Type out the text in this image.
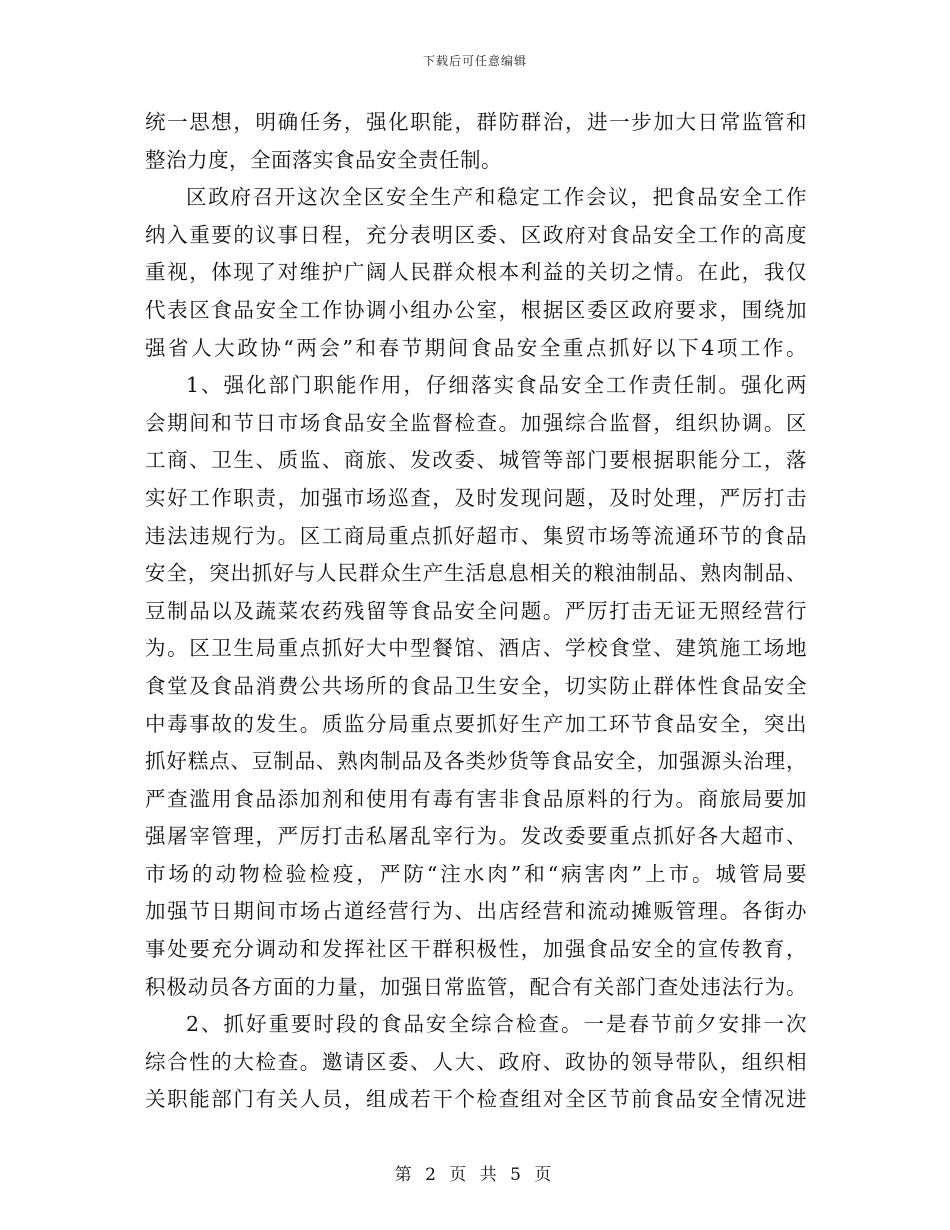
下载后可任意编辑

统一思想，明确任务，强化职能，群防群治，进一步加大日常监管和

整治力度，全面落实食品安全责任制。

区政府召开这次全区安全生产和稳定工作会议，把食品安全工作

纳入重要的议事日程，充分表明区委、区政府对食品安全工作的高度

重视，体现了对维护广阔人民群众根本利益的关切之情。在此，我仅

代表区食品安全工作协调小组办公室，根据区委区政府要求，围绕加

强省人大政协“两会”和春节期间食品安全重点抓好以下4项工作。

1、强化部门职能作用，仔细落实食品安全工作责任制。强化两

会期间和节日市场食品安全监督检查。加强综合监督，组织协调。区

工商、卫生、质监、商旅、发改委、城管等部门要根据职能分工，落

实好工作职责，加强市场巡查，及时发现问题，及时处理，严厉打击

违法违规行为。区工商局重点抓好超市、集贸市场等流通环节的食品

安全，突出抓好与人民群众生产生活息息相关的粮油制品、熟肉制品、

豆制品以及蔬菜农药残留等食品安全问题。严厉打击无证无照经营行

为。区卫生局重点抓好大中型餐馆、酒店、学校食堂、建筑施工场地

食堂及食品消费公共场所的食品卫生安全，切实防止群体性食品安全

中毒事故的发生。质监分局重点要抓好生产加工环节食品安全，突出

抓好糕点、豆制品、熟肉制品及各类炒货等食品安全，加强源头治理，

严查滥用食品添加剂和使用有毒有害非食品原料的行为。商旅局要加

强屠宰管理，严厉打击私屠乱宰行为。发改委要重点抓好各大超市、

市场的动物检验检疫，严防“注水肉”和“病害肉”上市。城管局要

加强节日期间市场占道经营行为、出店经营和流动摊贩管理。各街办

事处要充分调动和发挥社区干群积极性，加强食品安全的宣传教育，

积极动员各方面的力量，加强日常监管，配合有关部门查处违法行为。

2、抓好重要时段的食品安全综合检查。一是春节前夕安排一次

综合性的大检查。邀请区委、人大、政府、政协的领导带队，组织相

关职能部门有关人员，组成若干个检查组对全区节前食品安全情况进

第 2 页 共 5 页
